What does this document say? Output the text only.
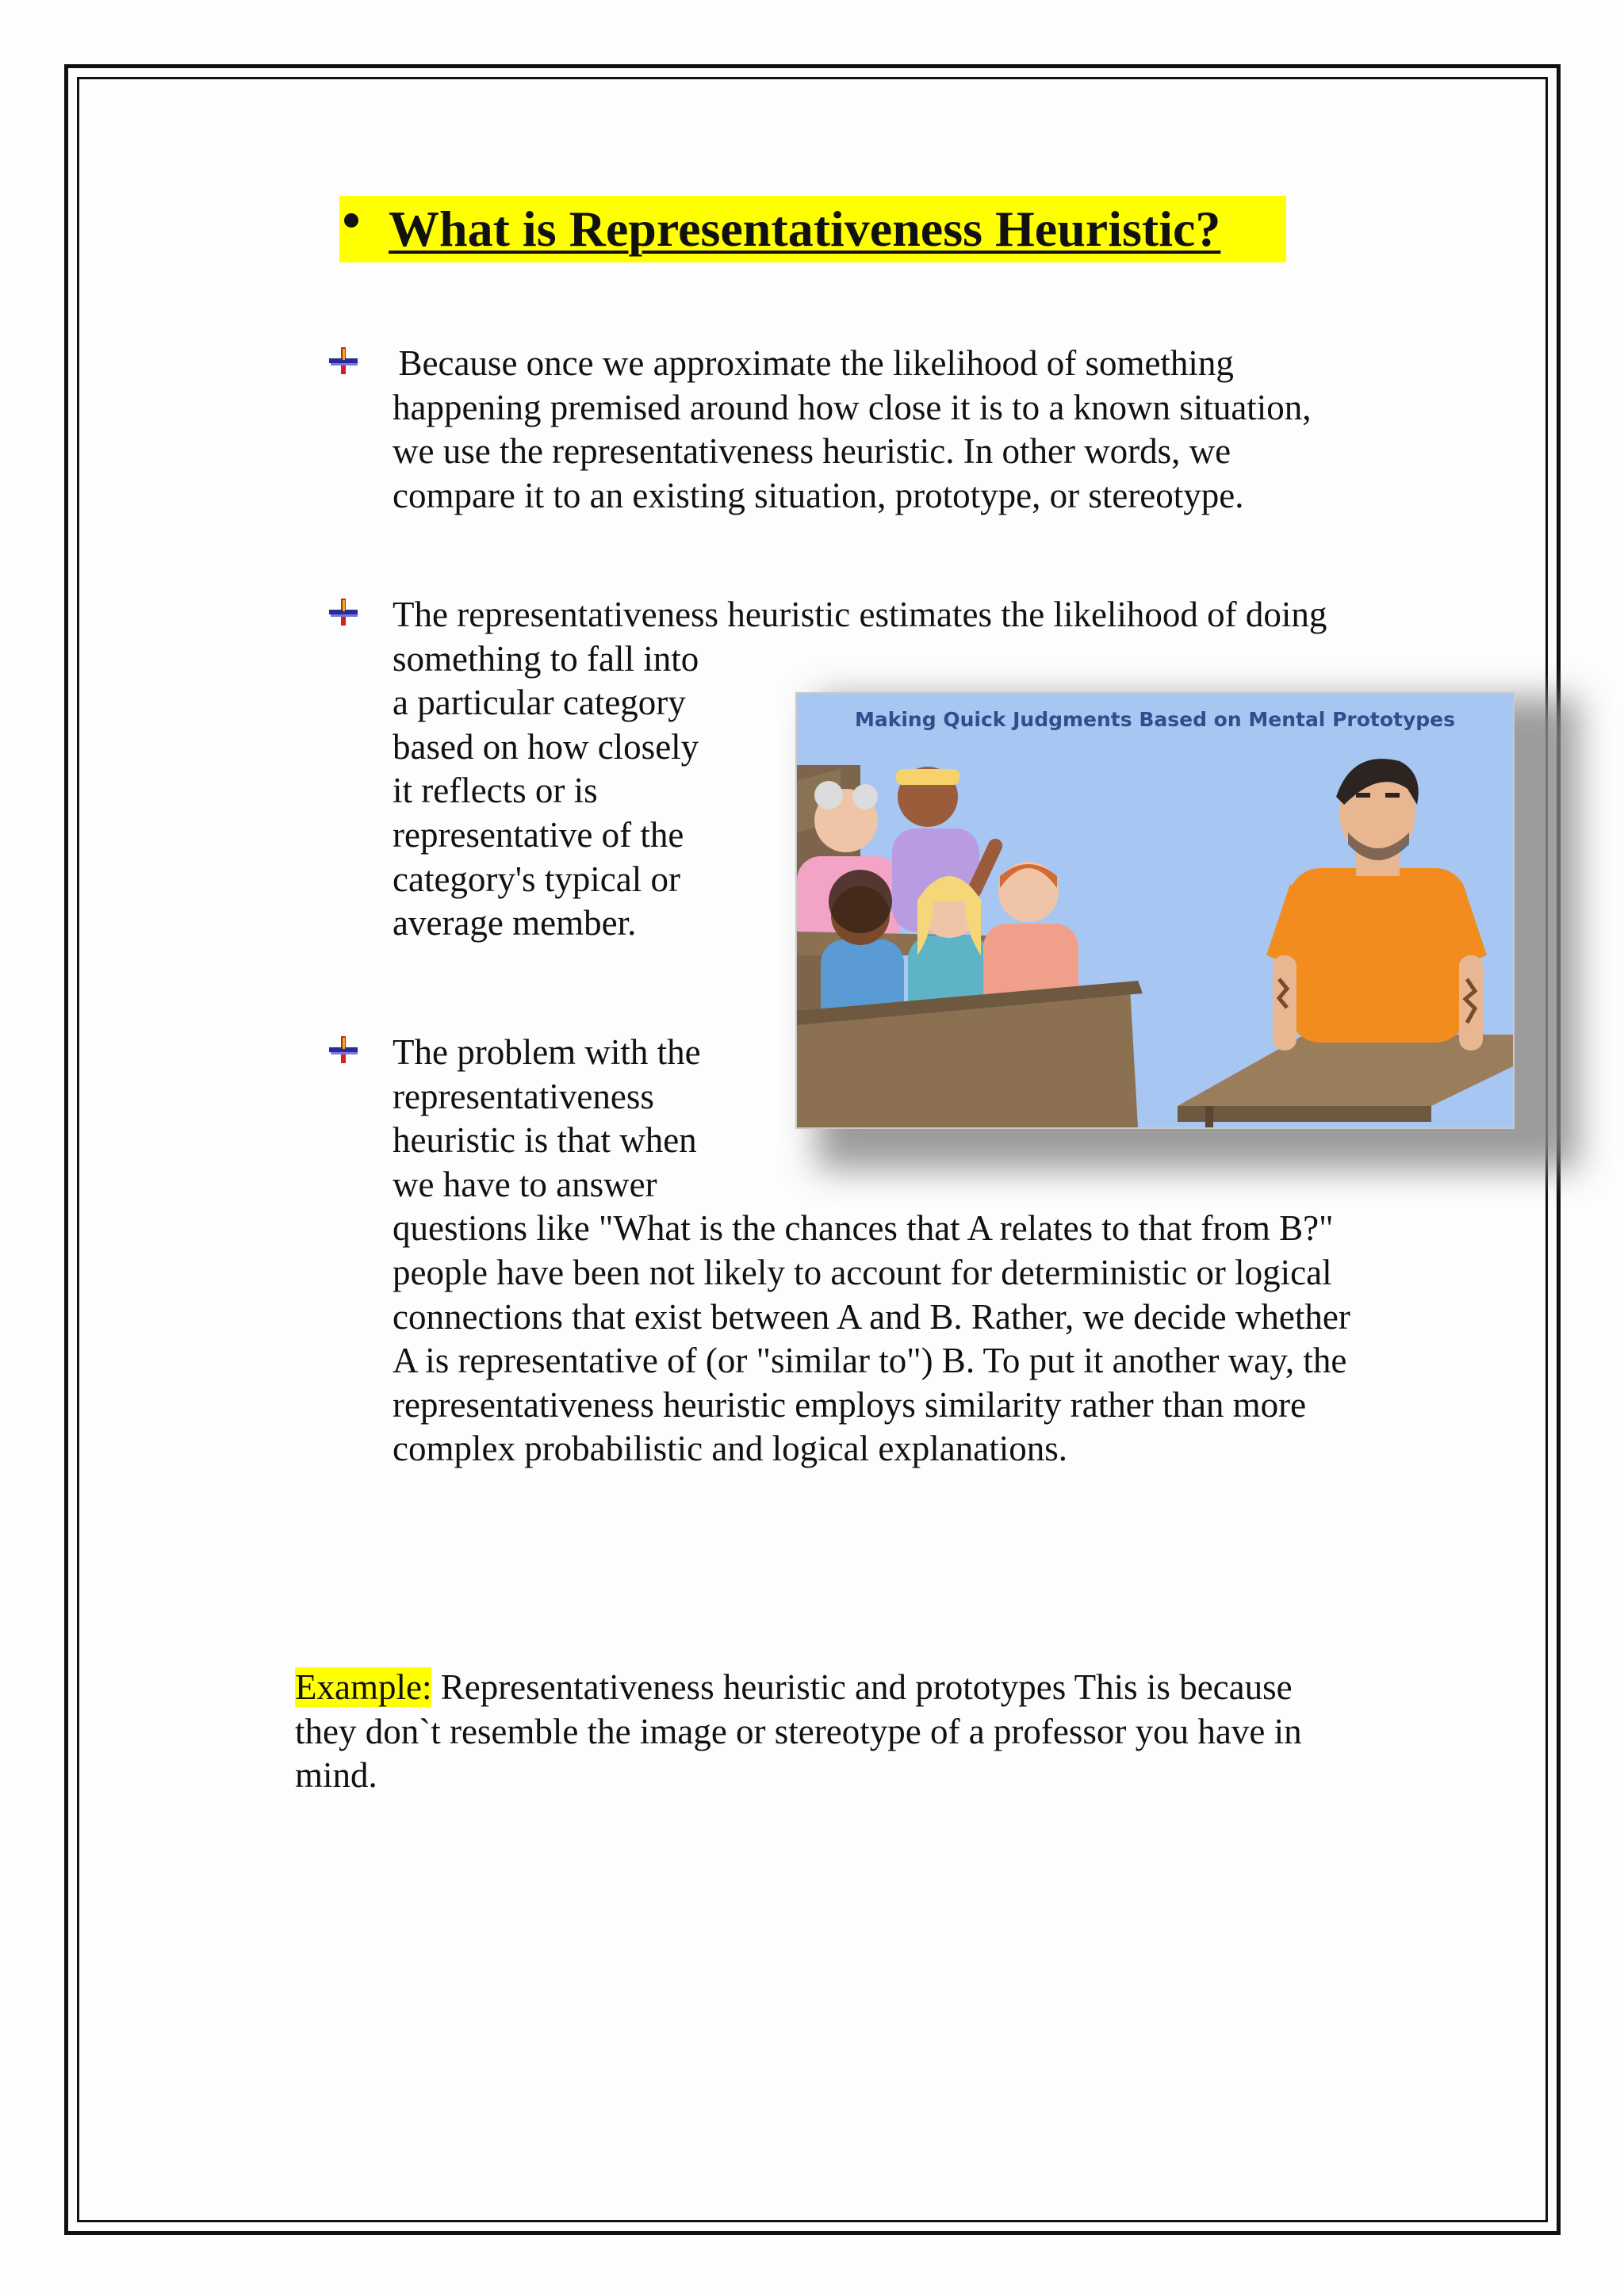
What is Representativeness Heuristic?
Because once we approximate the likelihood of something
happening premised around how close it is to a known situation,
we use the representativeness heuristic. In other words, we
compare it to an existing situation, prototype, or stereotype.
The representativeness heuristic estimates the likelihood of doing
something to fall into
a particular category
based on how closely
it reflects or is
representative of the
category's typical or
average member.
Making Quick Judgments Based on Mental Prototypes
The problem with the
representativeness
heuristic is that when
we have to answer
questions like "What is the chances that A relates to that from B?"
people have been not likely to account for deterministic or logical
connections that exist between A and B. Rather, we decide whether
A is representative of (or "similar to") B. To put it another way, the
representativeness heuristic employs similarity rather than more
complex probabilistic and logical explanations.
Example: Representativeness heuristic and prototypes This is because
they don`t resemble the image or stereotype of a professor you have in
mind.
